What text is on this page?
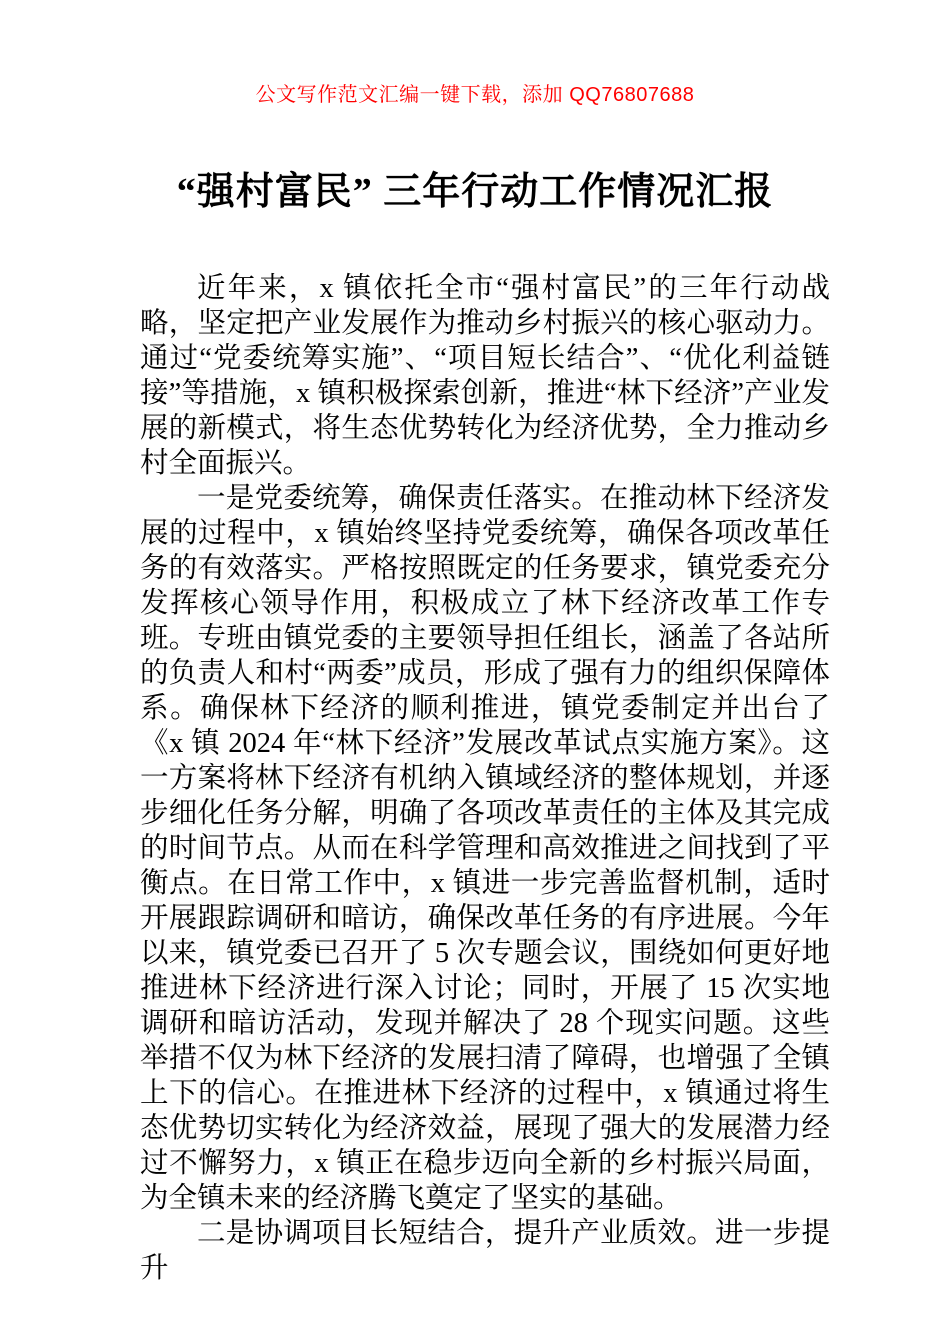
公文写作范文汇编一键下载，添加 QQ76807688
“强村富民” 三年行动工作情况汇报

近年来，x 镇依托全市“强村富民”的三年行动战略，坚定把产业发展作为推动乡村振兴的核心驱动力。通过“党委统筹实施”、“项目短长结合”、“优化利益链接”等措施，x 镇积极探索创新，推进“林下经济”产业发展的新模式，将生态优势转化为经济优势，全力推动乡村全面振兴。

一是党委统筹，确保责任落实。在推动林下经济发展的过程中，x 镇始终坚持党委统筹，确保各项改革任务的有效落实。严格按照既定的任务要求，镇党委充分发挥核心领导作用，积极成立了林下经济改革工作专班。专班由镇党委的主要领导担任组长，涵盖了各站所的负责人和村“两委”成员，形成了强有力的组织保障体系。确保林下经济的顺利推进，镇党委制定并出台了《x 镇 2024 年“林下经济”发展改革试点实施方案》。这一方案将林下经济有机纳入镇域经济的整体规划，并逐步细化任务分解，明确了各项改革责任的主体及其完成的时间节点。从而在科学管理和高效推进之间找到了平衡点。在日常工作中，x 镇进一步完善监督机制，适时开展跟踪调研和暗访，确保改革任务的有序进展。今年以来，镇党委已召开了 5 次专题会议，围绕如何更好地推进林下经济进行深入讨论；同时，开展了 15 次实地调研和暗访活动，发现并解决了 28 个现实问题。这些举措不仅为林下经济的发展扫清了障碍，也增强了全镇上下的信心。在推进林下经济的过程中，x 镇通过将生态优势切实转化为经济效益，展现了强大的发展潜力经过不懈努力，x 镇正在稳步迈向全新的乡村振兴局面，为全镇未来的经济腾飞奠定了坚实的基础。

二是协调项目长短结合，提升产业质效。进一步提升
